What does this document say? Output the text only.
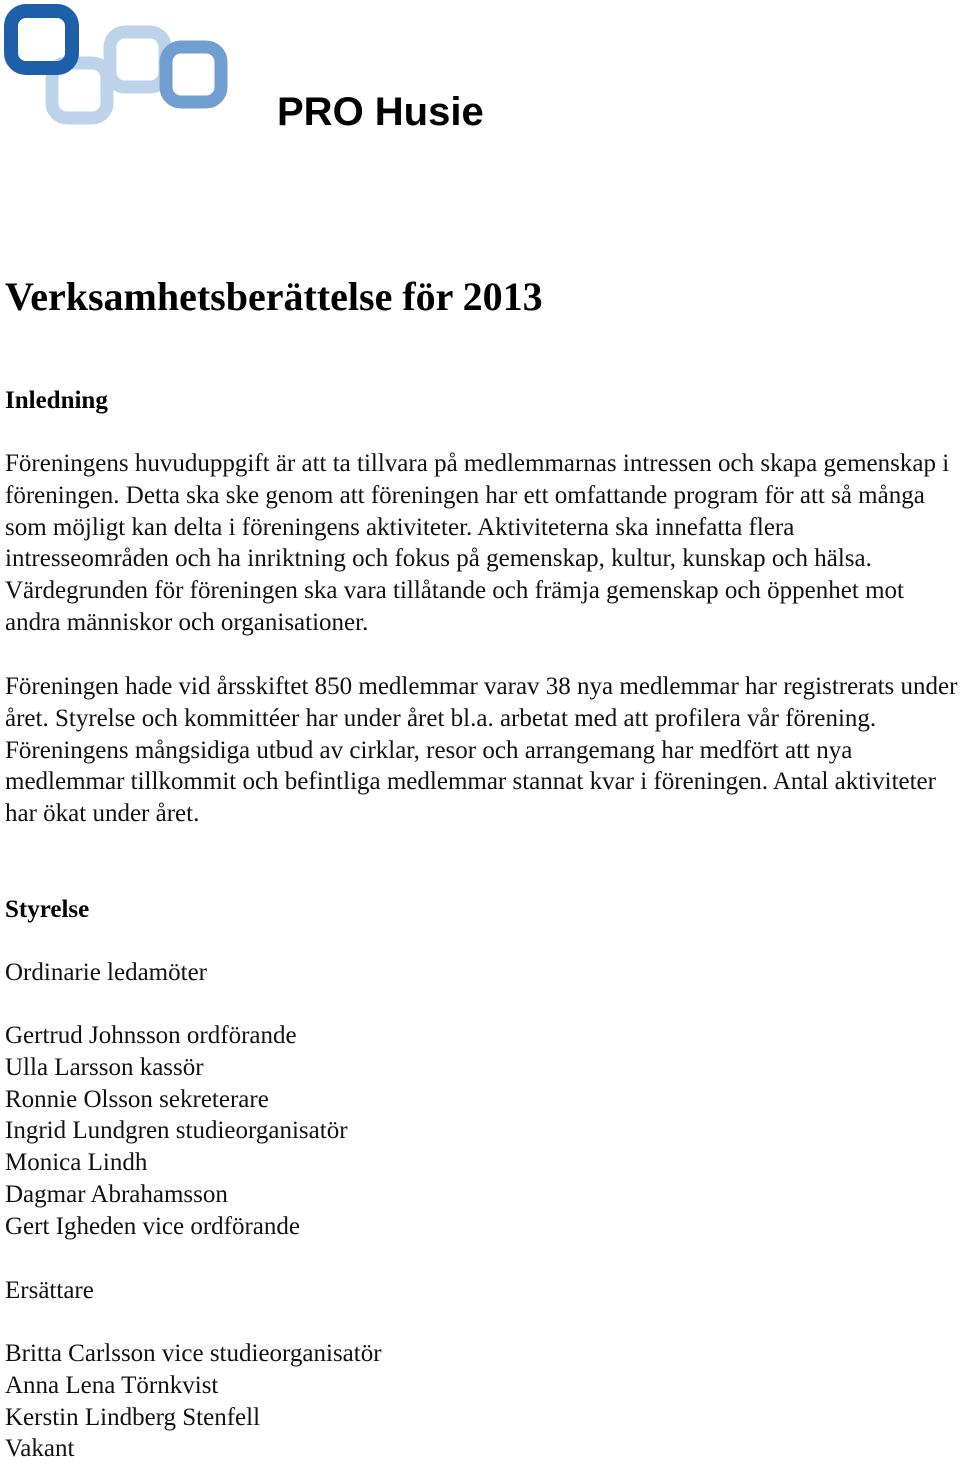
PRO Husie
Verksamhetsberättelse för 2013
Inledning

Föreningens huvuduppgift är att ta tillvara på medlemmarnas intressen och skapa gemenskap i föreningen. Detta ska ske genom att föreningen har ett omfattande program för att så många som möjligt kan delta i föreningens aktiviteter. Aktiviteterna ska innefatta flera intresseområden och ha inriktning och fokus på gemenskap, kultur, kunskap och hälsa. Värdegrunden för föreningen ska vara tillåtande och främja gemenskap och öppenhet mot andra människor och organisationer.

Föreningen hade vid årsskiftet 850 medlemmar varav 38 nya medlemmar har registrerats under året. Styrelse och kommittéer har under året bl.a. arbetat med att profilera vår förening. Föreningens mångsidiga utbud av cirklar, resor och arrangemang har medfört att nya medlemmar tillkommit och befintliga medlemmar stannat kvar i föreningen. Antal aktiviteter har ökat under året.

Styrelse

Ordinarie ledamöter

Gertrud Johnsson ordförande
Ulla Larsson kassör
Ronnie Olsson sekreterare
Ingrid Lundgren studieorganisatör
Monica Lindh
Dagmar Abrahamsson
Gert Igheden vice ordförande

Ersättare

Britta Carlsson vice studieorganisatör
Anna Lena Törnkvist
Kerstin Lindberg Stenfell
Vakant
